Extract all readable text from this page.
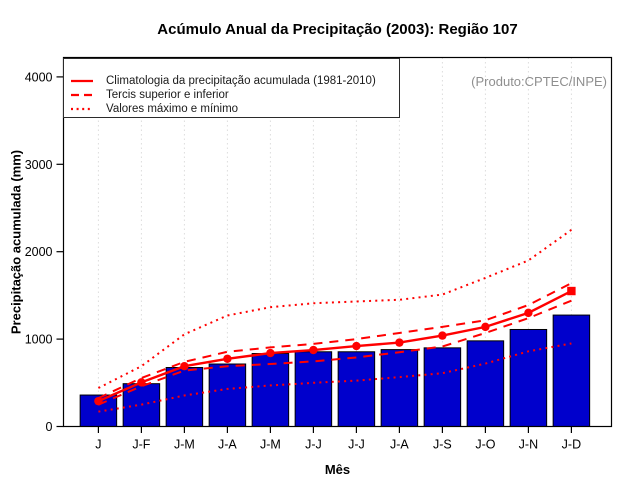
Acúmulo Anual da Precipitação (2003): Região 107
0
1000
2000
3000
4000
J J-F J-M J-A J-M J-J J-J J-A J-S J-O J-N J-D
Climatologia da precipitação acumulada (1981-2010)
Tercis superior e inferior
Valores máximo e mínimo
(Produto:CPTEC/INPE)
Precipitação acumulada (mm)
Mês
